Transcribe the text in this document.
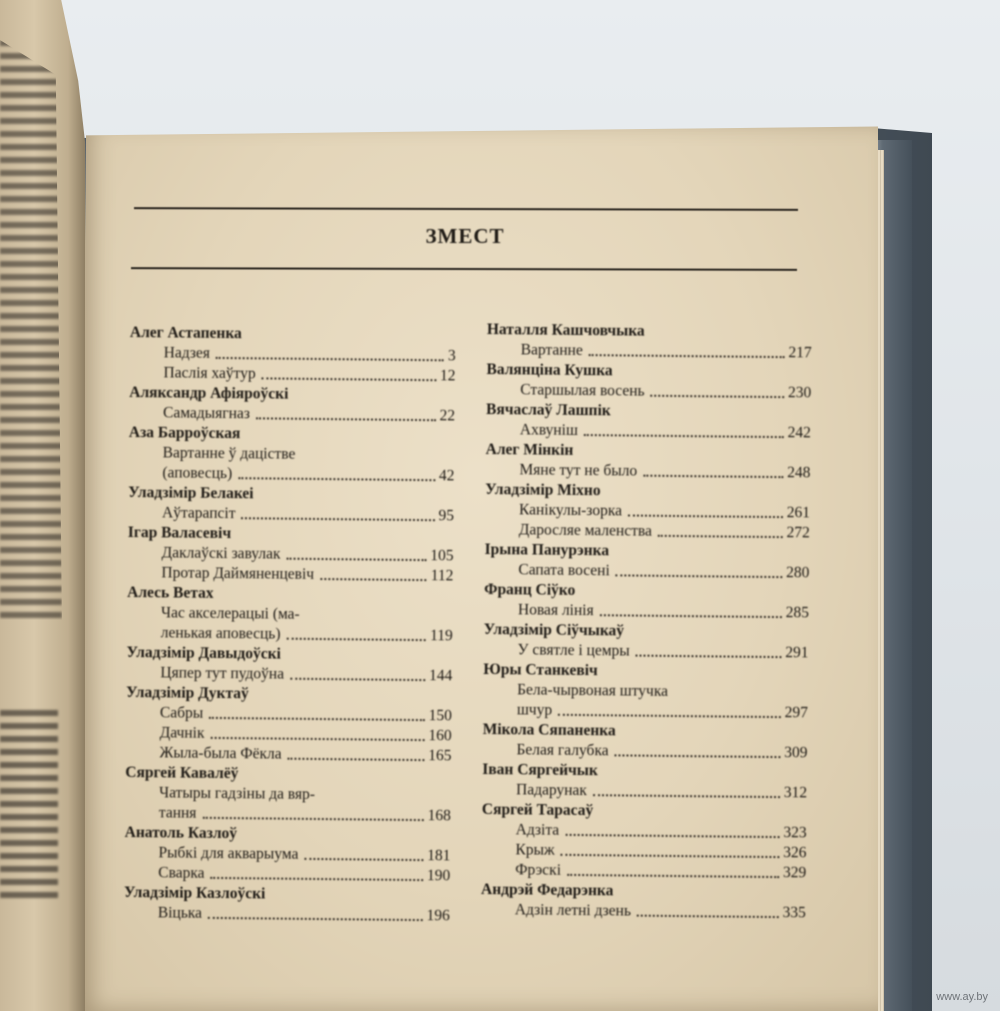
ЗМЕСТ
Алег Астапенка
Надзея	3
Паслія хаўтур	12
Аляксандр Афіяроўскі
Самадыягназ	22
Аза Барроўская
Вартанне ў дацістве
(аповесць)	42
Уладзімір Белакеі
Аўтарапсіт	95
Ігар Валасевіч
Даклаўскі завулак	105
Протар Даймяненцевіч	112
Алесь Ветах
Час акселерацыі (ма-
ленькая аповесць)	119
Уладзімір Давыдоўскі
Цяпер тут пудоўна	144
Уладзімір Дуктаў
Сабры	150
Дачнік	160
Жыла-была Фёкла	165
Сяргей Кавалёў
Чатыры гадзіны да вяр-
тання	168
Анатоль Казлоў
Рыбкі для акварыума	181
Сварка	190
Уладзімір Казлоўскі
Віцька	196
Наталля Кашчовчыка
Вартанне	217
Валянціна Кушка
Старшылая восень	230
Вячаслаў Лашпік
Ахвуніш	242
Алег Мінкін
Мяне тут не было	248
Уладзімір Міхно
Канікулы-зорка	261
Даросляе маленства	272
Ірына Панурэнка
Сапата восені	280
Франц Сіўко
Новая лінія	285
Уладзімір Сіўчыкаў
У святле і цемры	291
Юры Станкевіч
Бела-чырвоная штучка
шчур	297
Мікола Сяпаненка
Белая галубка	309
Іван Сяргейчык
Падарунак	312
Сяргей Тарасаў
Адзіта	323
Крыж	326
Фрэскі	329
Андрэй Федарэнка
Адзін летні дзень	335
www.ay.by
